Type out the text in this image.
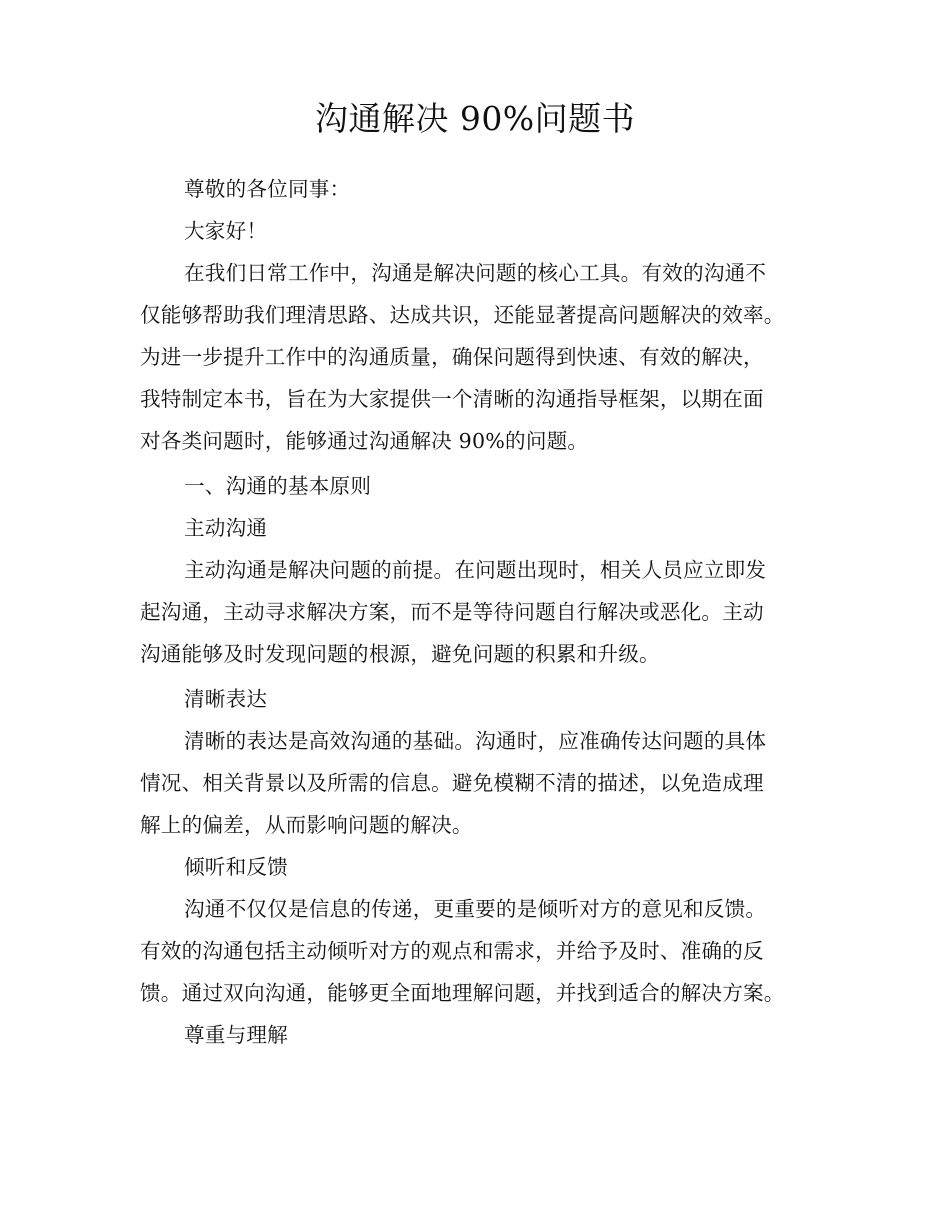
沟通解决 90%问题书
尊敬的各位同事：
大家好！
在我们日常工作中，沟通是解决问题的核心工具。有效的沟通不
仅能够帮助我们理清思路、达成共识，还能显著提高问题解决的效率。
为进一步提升工作中的沟通质量，确保问题得到快速、有效的解决，
我特制定本书，旨在为大家提供一个清晰的沟通指导框架，以期在面
对各类问题时，能够通过沟通解决 90%的问题。
一、沟通的基本原则
主动沟通
主动沟通是解决问题的前提。在问题出现时，相关人员应立即发
起沟通，主动寻求解决方案，而不是等待问题自行解决或恶化。主动
沟通能够及时发现问题的根源，避免问题的积累和升级。
清晰表达
清晰的表达是高效沟通的基础。沟通时，应准确传达问题的具体
情况、相关背景以及所需的信息。避免模糊不清的描述，以免造成理
解上的偏差，从而影响问题的解决。
倾听和反馈
沟通不仅仅是信息的传递，更重要的是倾听对方的意见和反馈。
有效的沟通包括主动倾听对方的观点和需求，并给予及时、准确的反
馈。通过双向沟通，能够更全面地理解问题，并找到适合的解决方案。
尊重与理解
